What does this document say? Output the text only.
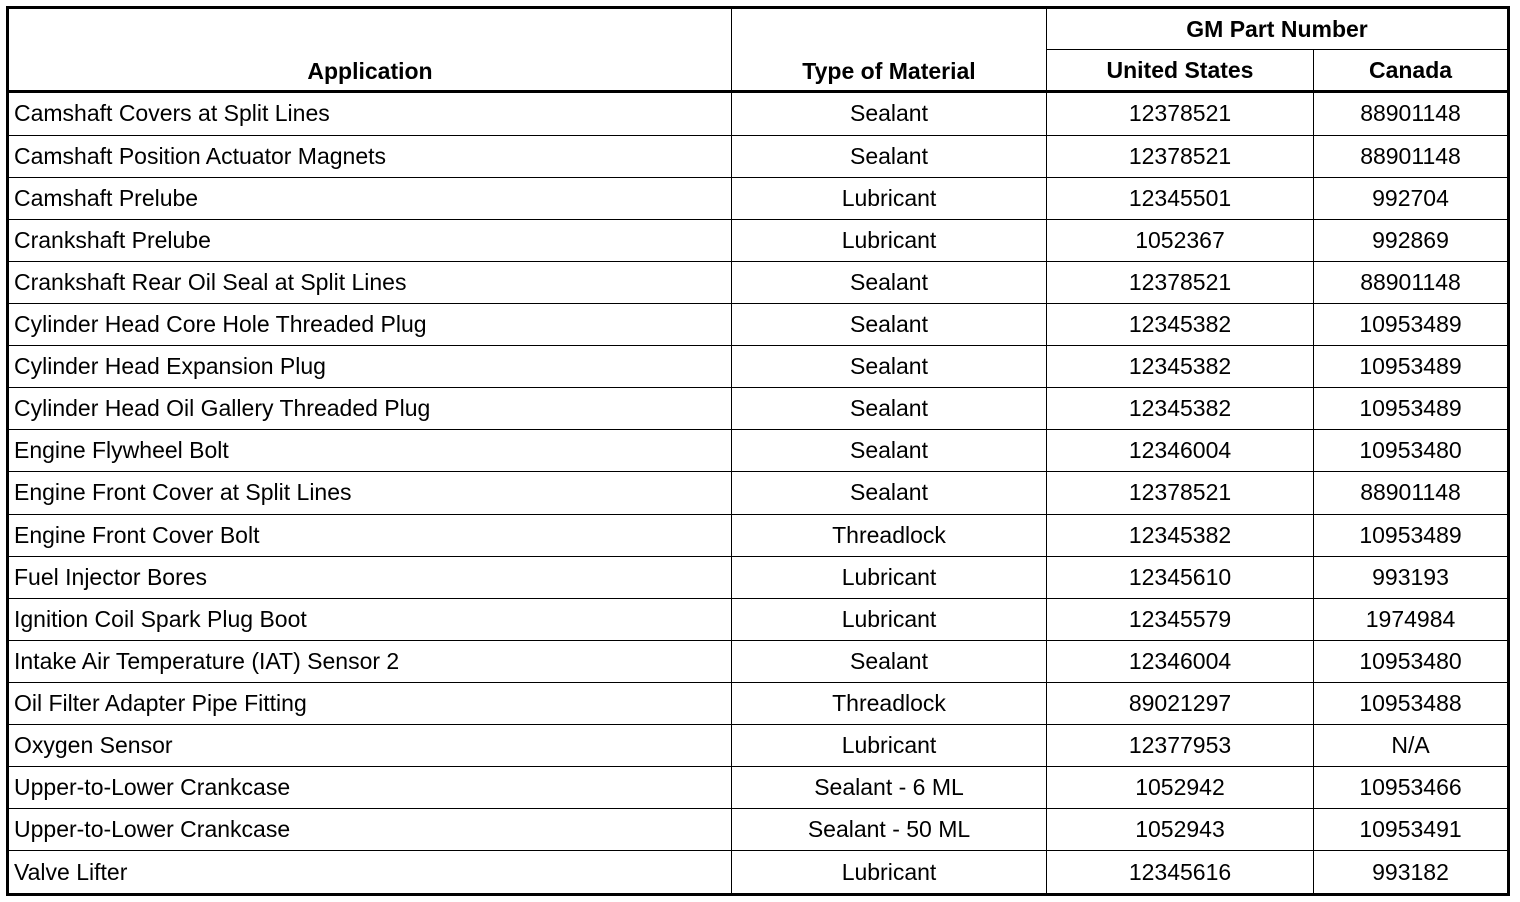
Application	Type of Material	GM Part Number	
		United States	Canada
Camshaft Covers at Split Lines	Sealant	12378521	88901148
Camshaft Position Actuator Magnets	Sealant	12378521	88901148
Camshaft Prelube	Lubricant	12345501	992704
Crankshaft Prelube	Lubricant	1052367	992869
Crankshaft Rear Oil Seal at Split Lines	Sealant	12378521	88901148
Cylinder Head Core Hole Threaded Plug	Sealant	12345382	10953489
Cylinder Head Expansion Plug	Sealant	12345382	10953489
Cylinder Head Oil Gallery Threaded Plug	Sealant	12345382	10953489
Engine Flywheel Bolt	Sealant	12346004	10953480
Engine Front Cover at Split Lines	Sealant	12378521	88901148
Engine Front Cover Bolt	Threadlock	12345382	10953489
Fuel Injector Bores	Lubricant	12345610	993193
Ignition Coil Spark Plug Boot	Lubricant	12345579	1974984
Intake Air Temperature (IAT) Sensor 2	Sealant	12346004	10953480
Oil Filter Adapter Pipe Fitting	Threadlock	89021297	10953488
Oxygen Sensor	Lubricant	12377953	N/A
Upper-to-Lower Crankcase	Sealant - 6 ML	1052942	10953466
Upper-to-Lower Crankcase	Sealant - 50 ML	1052943	10953491
Valve Lifter	Lubricant	12345616	993182
